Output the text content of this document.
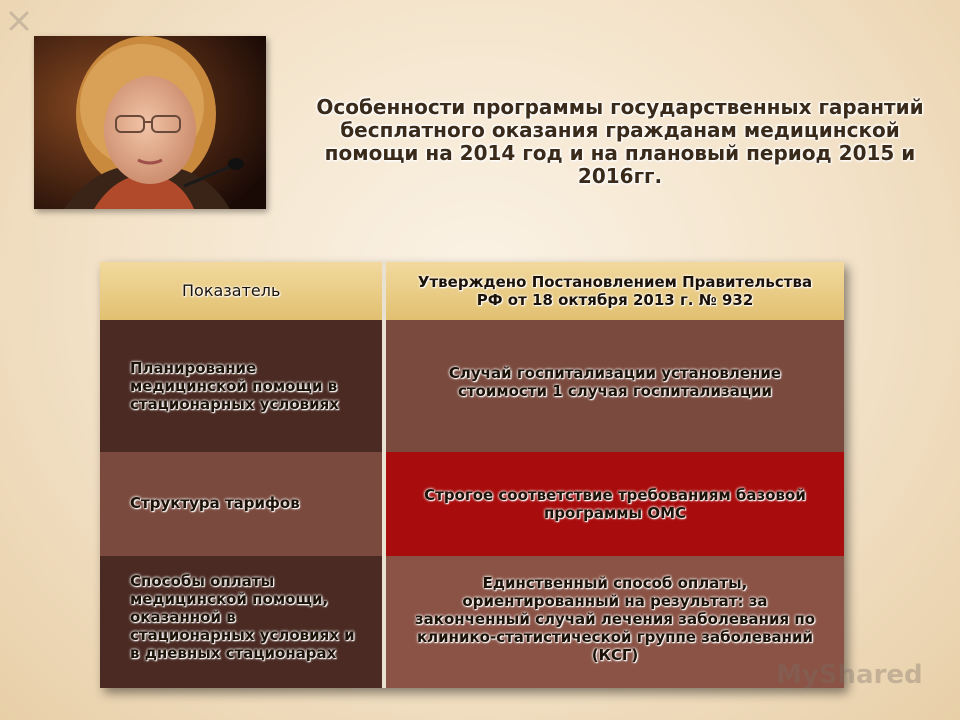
Особенности программы государственных гарантий бесплатного оказания гражданам медицинской помощи на 2014 год и на плановый период 2015 и 2016гг.
Показатель	Утверждено Постановлением Правительства РФ от 18 октября 2013 г. № 932
Планирование медицинской помощи в стационарных условиях
Случай госпитализации установление стоимости 1 случая госпитализации
Структура тарифов	Строгое соответствие требованиям базовой программы ОМС
Способы оплаты медицинской помощи, оказанной в стационарных условиях и в дневных стационарах
Единственный способ оплаты, ориентированный на результат: за законченный случай лечения заболевания по клинико-статистической группе заболеваний (КСГ)
MyShared
